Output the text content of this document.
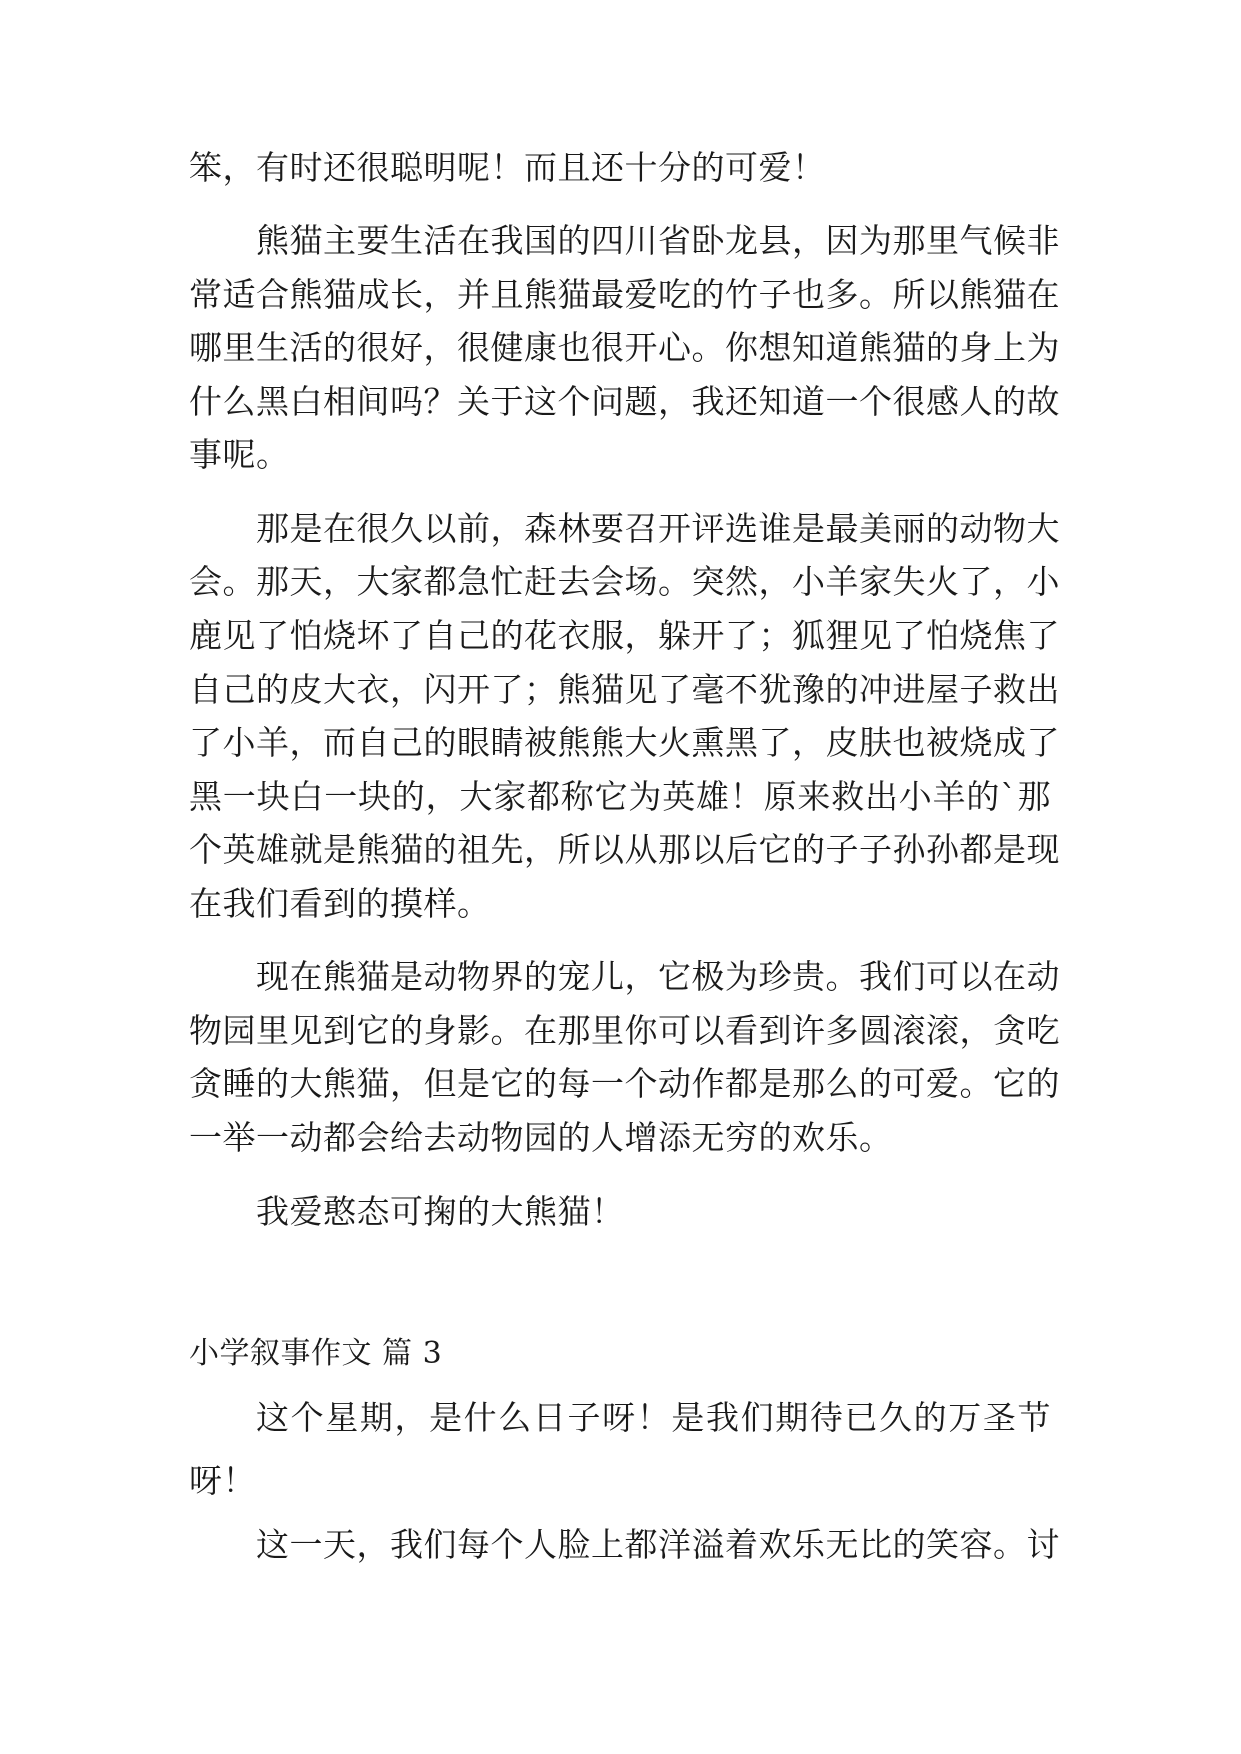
笨，有时还很聪明呢！而且还十分的可爱！
熊猫主要生活在我国的四川省卧龙县，因为那里气候非
常适合熊猫成长，并且熊猫最爱吃的竹子也多。所以熊猫在
哪里生活的很好，很健康也很开心。你想知道熊猫的身上为
什么黑白相间吗？关于这个问题，我还知道一个很感人的故
事呢。
那是在很久以前，森林要召开评选谁是最美丽的动物大
会。那天，大家都急忙赶去会场。突然，小羊家失火了，小
鹿见了怕烧坏了自己的花衣服，躲开了；狐狸见了怕烧焦了
自己的皮大衣，闪开了；熊猫见了毫不犹豫的冲进屋子救出
了小羊，而自己的眼睛被熊熊大火熏黑了，皮肤也被烧成了
黑一块白一块的，大家都称它为英雄！原来救出小羊的`那
个英雄就是熊猫的祖先，所以从那以后它的子子孙孙都是现
在我们看到的摸样。
现在熊猫是动物界的宠儿，它极为珍贵。我们可以在动
物园里见到它的身影。在那里你可以看到许多圆滚滚，贪吃
贪睡的大熊猫，但是它的每一个动作都是那么的可爱。它的
一举一动都会给去动物园的人增添无穷的欢乐。
我爱憨态可掬的大熊猫！
小学叙事作文 篇 3
这个星期，是什么日子呀！是我们期待已久的万圣节
呀！
这一天，我们每个人脸上都洋溢着欢乐无比的笑容。讨
